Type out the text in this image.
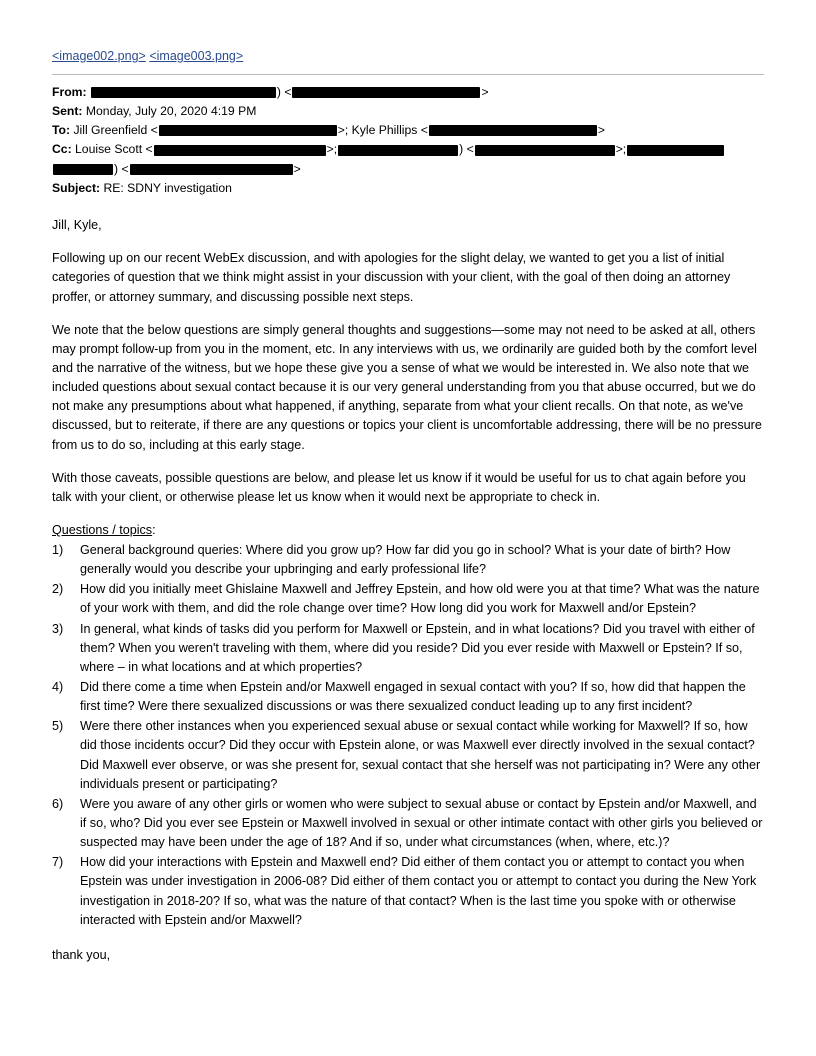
<image002.png> <image003.png>
From:	) <	>
Sent: Monday, July 20, 2020 4:19 PM
To: Jill Greenfield <	>; Kyle Phillips <	>
Cc: Louise Scott <	>;	) <	>;
) <	>
Subject: RE: SDNY investigation

Jill, Kyle,

Following up on our recent WebEx discussion, and with apologies for the slight delay, we wanted to get you a list of initial categories of question that we think might assist in your discussion with your client, with the goal of then doing an attorney proffer, or attorney summary, and discussing possible next steps.

We note that the below questions are simply general thoughts and suggestions—some may not need to be asked at all, others may prompt follow-up from you in the moment, etc. In any interviews with us, we ordinarily are guided both by the comfort level and the narrative of the witness, but we hope these give you a sense of what we would be interested in. We also note that we included questions about sexual contact because it is our very general understanding from you that abuse occurred, but we do not make any presumptions about what happened, if anything, separate from what your client recalls. On that note, as we've discussed, but to reiterate, if there are any questions or topics your client is uncomfortable addressing, there will be no pressure from us to do so, including at this early stage.

With those caveats, possible questions are below, and please let us know if it would be useful for us to chat again before you talk with your client, or otherwise please let us know when it would next be appropriate to check in.

Questions / topics:
1)	General background queries: Where did you grow up? How far did you go in school? What is your date of birth? How generally would you describe your upbringing and early professional life?
2)	How did you initially meet Ghislaine Maxwell and Jeffrey Epstein, and how old were you at that time? What was the nature of your work with them, and did the role change over time? How long did you work for Maxwell and/or Epstein?
3)	In general, what kinds of tasks did you perform for Maxwell or Epstein, and in what locations? Did you travel with either of them? When you weren't traveling with them, where did you reside? Did you ever reside with Maxwell or Epstein? If so, where – in what locations and at which properties?
4)	Did there come a time when Epstein and/or Maxwell engaged in sexual contact with you? If so, how did that happen the first time? Were there sexualized discussions or was there sexualized conduct leading up to any first incident?
5)	Were there other instances when you experienced sexual abuse or sexual contact while working for Maxwell? If so, how did those incidents occur? Did they occur with Epstein alone, or was Maxwell ever directly involved in the sexual contact? Did Maxwell ever observe, or was she present for, sexual contact that she herself was not participating in? Were any other individuals present or participating?
6)	Were you aware of any other girls or women who were subject to sexual abuse or contact by Epstein and/or Maxwell, and if so, who? Did you ever see Epstein or Maxwell involved in sexual or other intimate contact with other girls you believed or suspected may have been under the age of 18? And if so, under what circumstances (when, where, etc.)?
7)	How did your interactions with Epstein and Maxwell end? Did either of them contact you or attempt to contact you when Epstein was under investigation in 2006-08? Did either of them contact you or attempt to contact you during the New York investigation in 2018-20? If so, what was the nature of that contact? When is the last time you spoke with or otherwise interacted with Epstein and/or Maxwell?
thank you,
